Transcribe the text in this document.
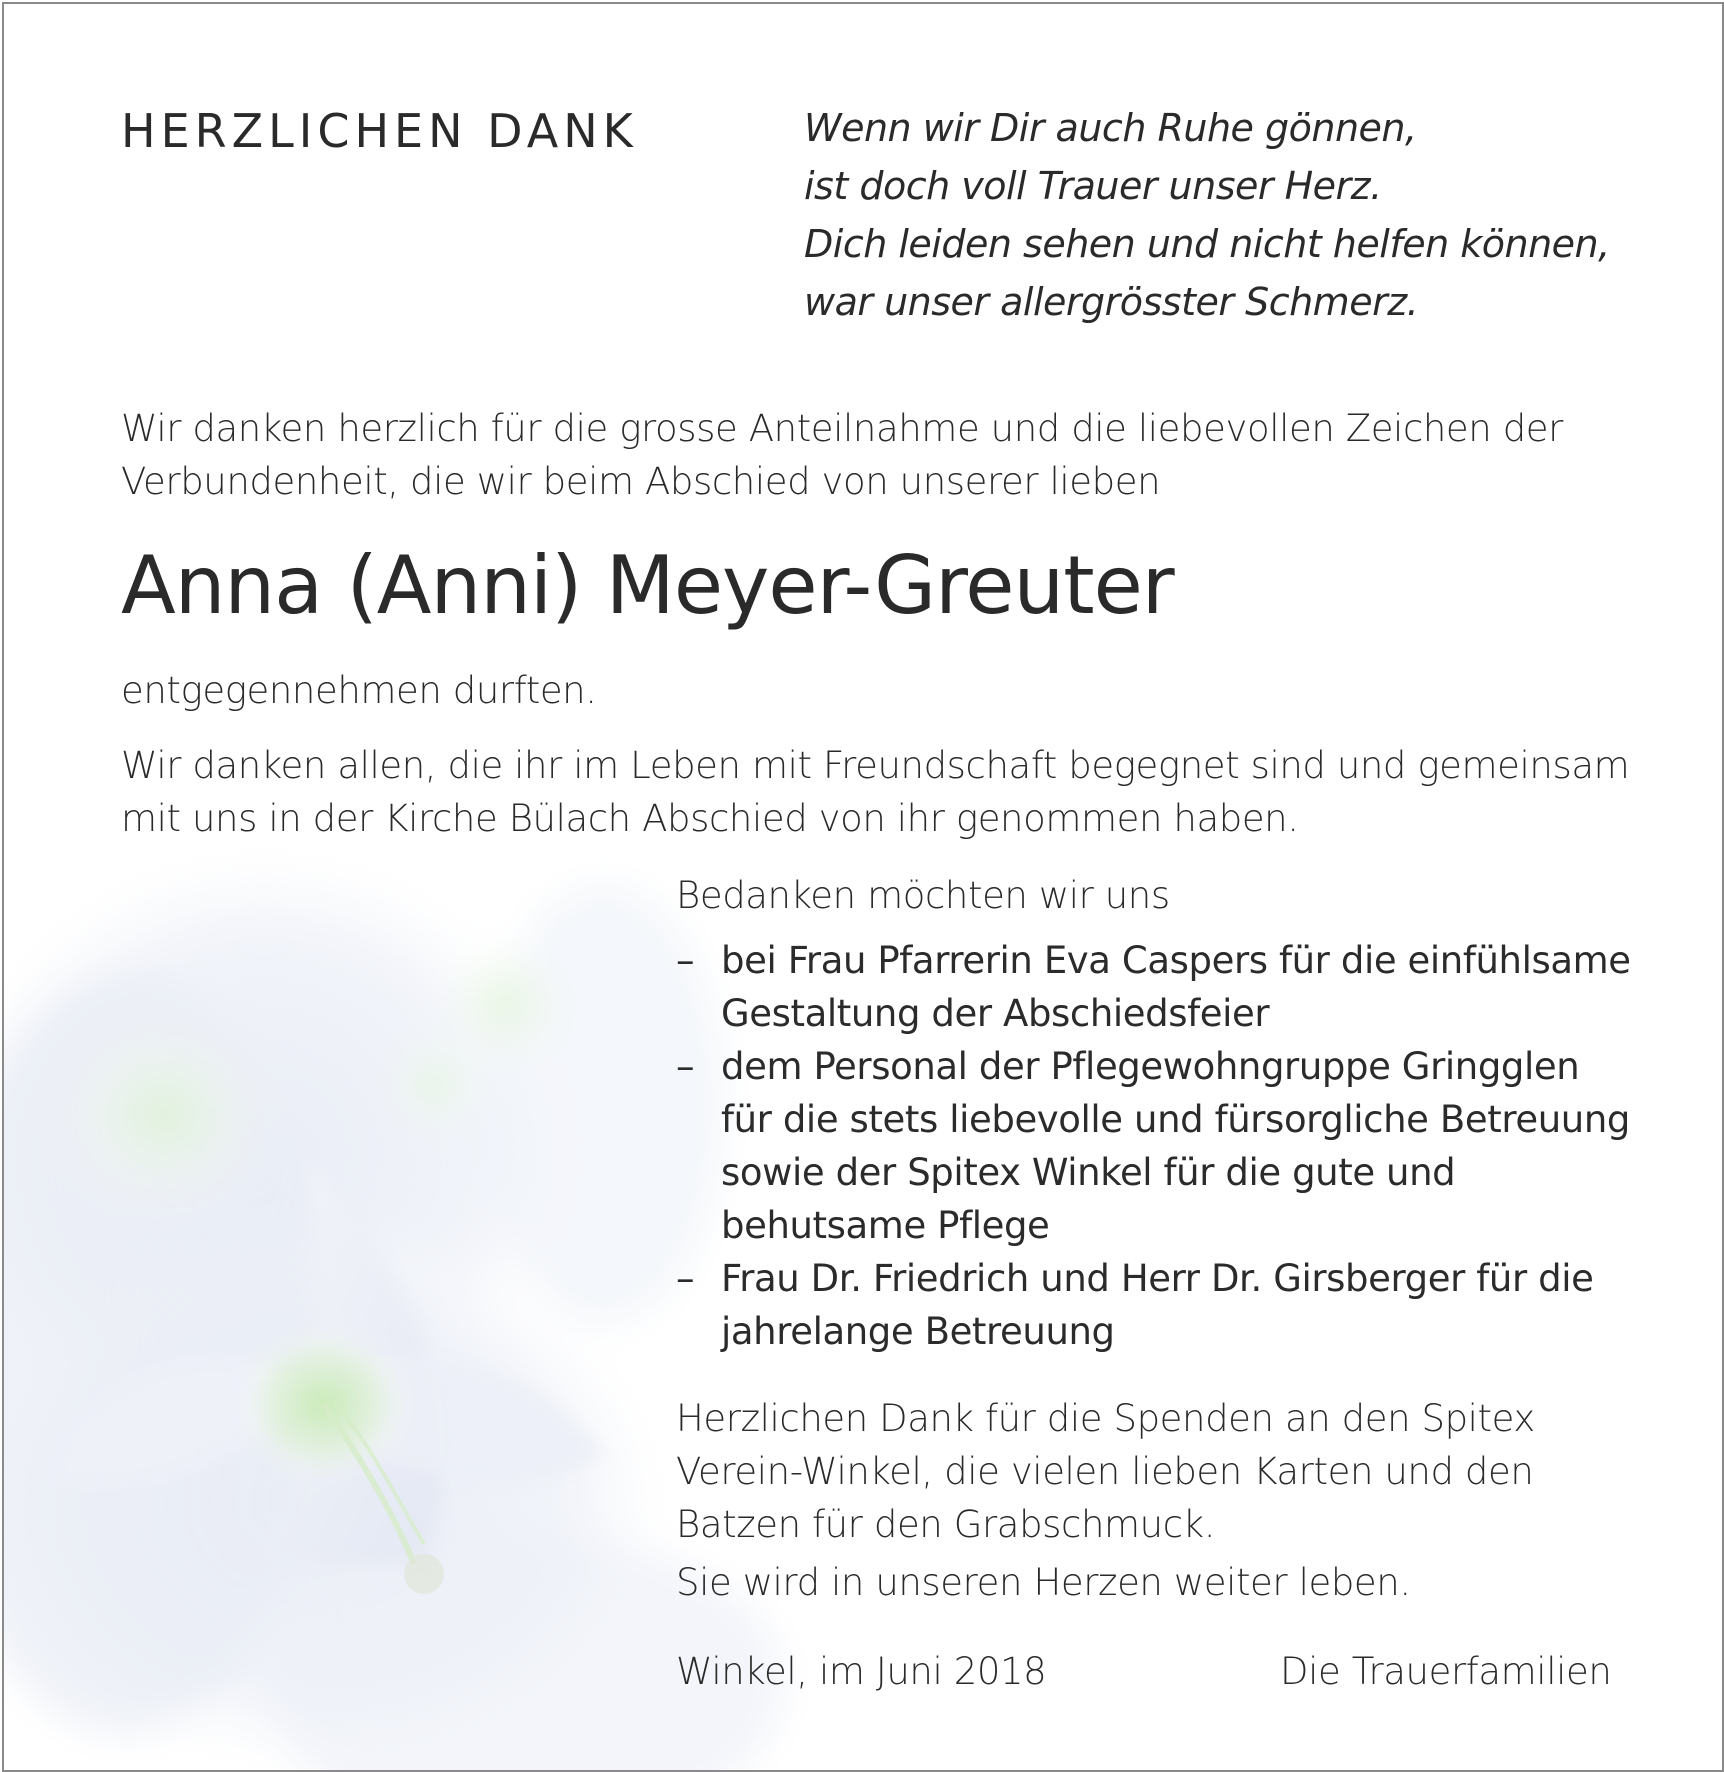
HERZLICHEN DANK	Wenn wir Dir auch Ruhe gönnen,
ist doch voll Trauer unser Herz.
Dich leiden sehen und nicht helfen können,
war unser allergrösster Schmerz.
Wir danken herzlich für die grosse Anteilnahme und die liebevollen Zeichen der
Verbundenheit, die wir beim Abschied von unserer lieben
Anna (Anni) Meyer-Greuter
entgegennehmen durften.
Wir danken allen, die ihr im Leben mit Freundschaft begegnet sind und gemeinsam
mit uns in der Kirche Bülach Abschied von ihr genommen haben.
Bedanken möchten wir uns
– bei Frau Pfarrerin Eva Caspers für die einfühlsame
Gestaltung der Abschiedsfeier
– dem Personal der Pflegewohngruppe Gringglen
für die stets liebevolle und fürsorgliche Betreuung
sowie der Spitex Winkel für die gute und
behutsame Pflege
– Frau Dr. Friedrich und Herr Dr. Girsberger für die
jahrelange Betreuung
Herzlichen Dank für die Spenden an den Spitex
Verein-Winkel, die vielen lieben Karten und den
Batzen für den Grabschmuck.
Sie wird in unseren Herzen weiter leben.
Winkel, im Juni 2018	Die Trauerfamilien
